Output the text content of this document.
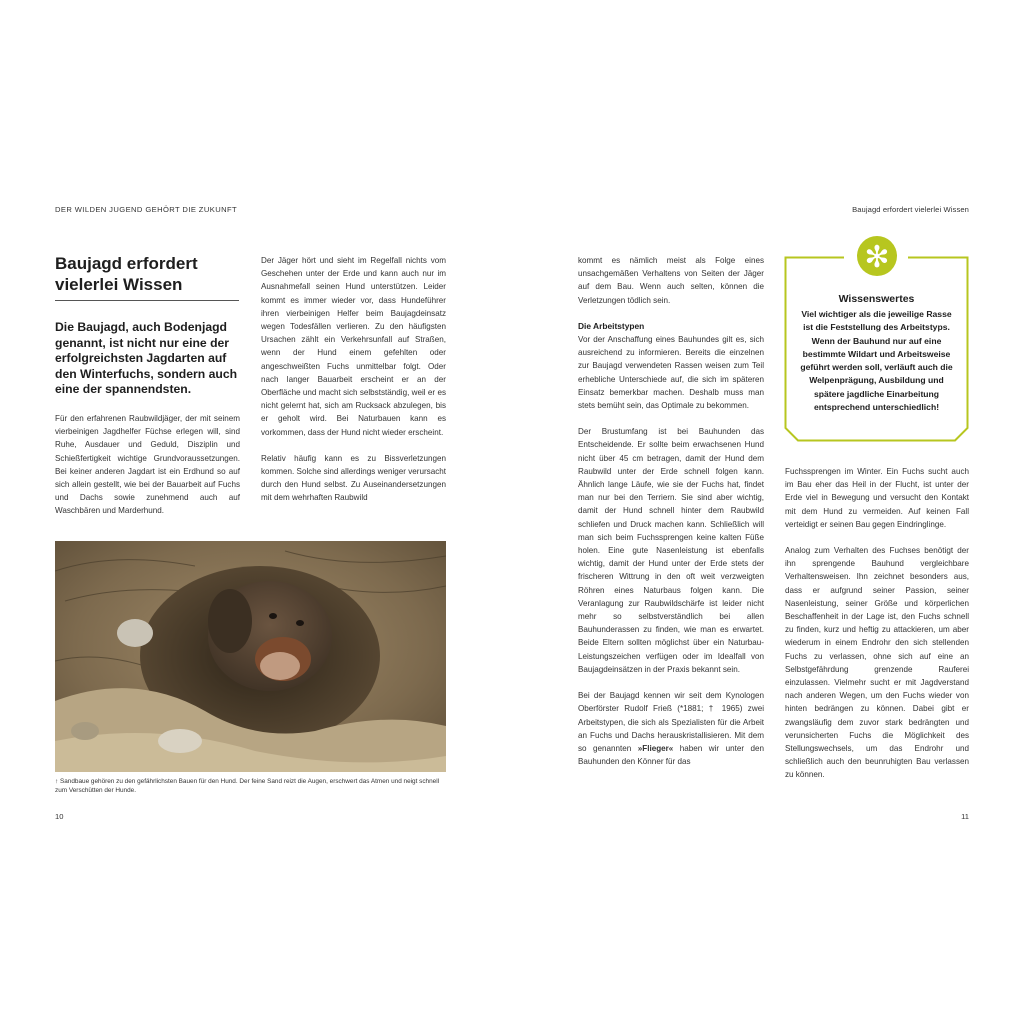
DER WILDEN JUGEND GEHÖRT DIE ZUKUNFT	Baujagd erfordert vielerlei Wissen
Baujagd erfordert
vielerlei Wissen
Die Baujagd, auch Bodenjagd genannt, ist nicht nur eine der erfolgreichsten Jagdarten auf den Winterfuchs, sondern auch eine der spannendsten.

Für den erfahrenen Raubwildjäger, der mit seinem vierbeinigen Jagdhelfer Füchse erlegen will, sind Ruhe, Ausdauer und Geduld, Disziplin und Schießfertigkeit wichtige Grundvoraussetzungen. Bei keiner anderen Jagdart ist ein Erdhund so auf sich allein gestellt, wie bei der Bauarbeit auf Fuchs und Dachs sowie zunehmend auch auf Waschbären und Marderhund.

Der Jäger hört und sieht im Regelfall nichts vom Geschehen unter der Erde und kann auch nur im Ausnahmefall seinen Hund unterstützen. Leider kommt es immer wieder vor, dass Hundeführer ihren vierbeinigen Helfer beim Baujagdeinsatz wegen Todesfällen verlieren. Zu den häufigsten Ursachen zählt ein Verkehrsunfall auf Straßen, wenn der Hund einem gefehlten oder angeschweißten Fuchs unmittelbar folgt. Oder nach langer Bauarbeit erscheint er an der Oberfläche und macht sich selbstständig, weil er es nicht gelernt hat, sich am Rucksack abzulegen, bis er geholt wird. Bei Naturbauen kann es vorkommen, dass der Hund nicht wieder erscheint.

Relativ häufig kann es zu Bissverletzungen kommen. Solche sind allerdings weniger verursacht durch den Hund selbst. Zu Auseinandersetzungen mit dem wehrhaften Raubwild

↑ Sandbaue gehören zu den gefährlichsten Bauen für den Hund. Der feine Sand reizt die Augen, erschwert das Atmen und neigt schnell zum Verschütten der Hunde.
10

kommt es nämlich meist als Folge eines unsachgemäßen Verhaltens von Seiten der Jäger auf dem Bau. Wenn auch selten, können die Verletzungen tödlich sein.

Die Arbeitstypen

Vor der Anschaffung eines Bauhundes gilt es, sich ausreichend zu informieren. Bereits die einzelnen zur Baujagd verwendeten Rassen weisen zum Teil erhebliche Unterschiede auf, die sich im späteren Einsatz bemerkbar machen. Deshalb muss man stets bemüht sein, das Optimale zu bekommen.

Der Brustumfang ist bei Bauhunden das Entscheidende. Er sollte beim erwachsenen Hund nicht über 45 cm betragen, damit der Hund dem Raubwild unter der Erde schnell folgen kann. Ähnlich lange Läufe, wie sie der Fuchs hat, findet man nur bei den Terriern. Sie sind aber wichtig, damit der Hund schnell hinter dem Raubwild schliefen und Druck machen kann. Schließlich will man sich beim Fuchssprengen keine kalten Füße holen. Eine gute Nasenleistung ist ebenfalls wichtig, damit der Hund unter der Erde stets der frischeren Wittrung in den oft weit verzweigten Röhren eines Naturbaus folgen kann. Die Veranlagung zur Raubwildschärfe ist leider nicht mehr so selbstverständlich bei allen Bauhunderassen zu finden, wie man es erwartet. Beide Eltern sollten möglichst über ein Naturbau-Leistungszeichen verfügen oder im Idealfall von Baujagdeinsätzen in der Praxis bekannt sein.

Bei der Baujagd kennen wir seit dem Kynologen Oberförster Rudolf Frieß (*1881; † 1965) zwei Arbeitstypen, die sich als Spezialisten für die Arbeit an Fuchs und Dachs herauskristallisieren. Mit dem so genannten »Flieger« haben wir unter den Bauhunden den Könner für das

✻
Wissenswertes
Viel wichtiger als die jeweilige Rasse ist die Feststellung des Arbeitstyps. Wenn der Bauhund nur auf eine bestimmte Wildart und Arbeitsweise geführt werden soll, verläuft auch die Welpenprägung, Ausbildung und spätere jagdliche Einarbeitung entsprechend unterschiedlich!

Fuchssprengen im Winter. Ein Fuchs sucht auch im Bau eher das Heil in der Flucht, ist unter der Erde viel in Bewegung und versucht den Kontakt mit dem Hund zu vermeiden. Auf keinen Fall verteidigt er seinen Bau gegen Eindringlinge.

Analog zum Verhalten des Fuchses benötigt der ihn sprengende Bauhund vergleichbare Verhaltensweisen. Ihn zeichnet besonders aus, dass er aufgrund seiner Passion, seiner Nasenleistung, seiner Größe und körperlichen Beschaffenheit in der Lage ist, den Fuchs schnell zu finden, kurz und heftig zu attackieren, um aber wiederum in einem Endrohr den sich stellenden Fuchs zu verlassen, ohne sich auf eine an Selbstgefährdung grenzende Rauferei einzulassen. Vielmehr sucht er mit Jagdverstand nach anderen Wegen, um den Fuchs wieder von hinten bedrängen zu können. Dabei gibt er zwangsläufig dem zuvor stark bedrängten und verunsicherten Fuchs die Möglichkeit des Stellungswechsels, um das Endrohr und schließlich auch den beunruhigten Bau verlassen zu können.

11
